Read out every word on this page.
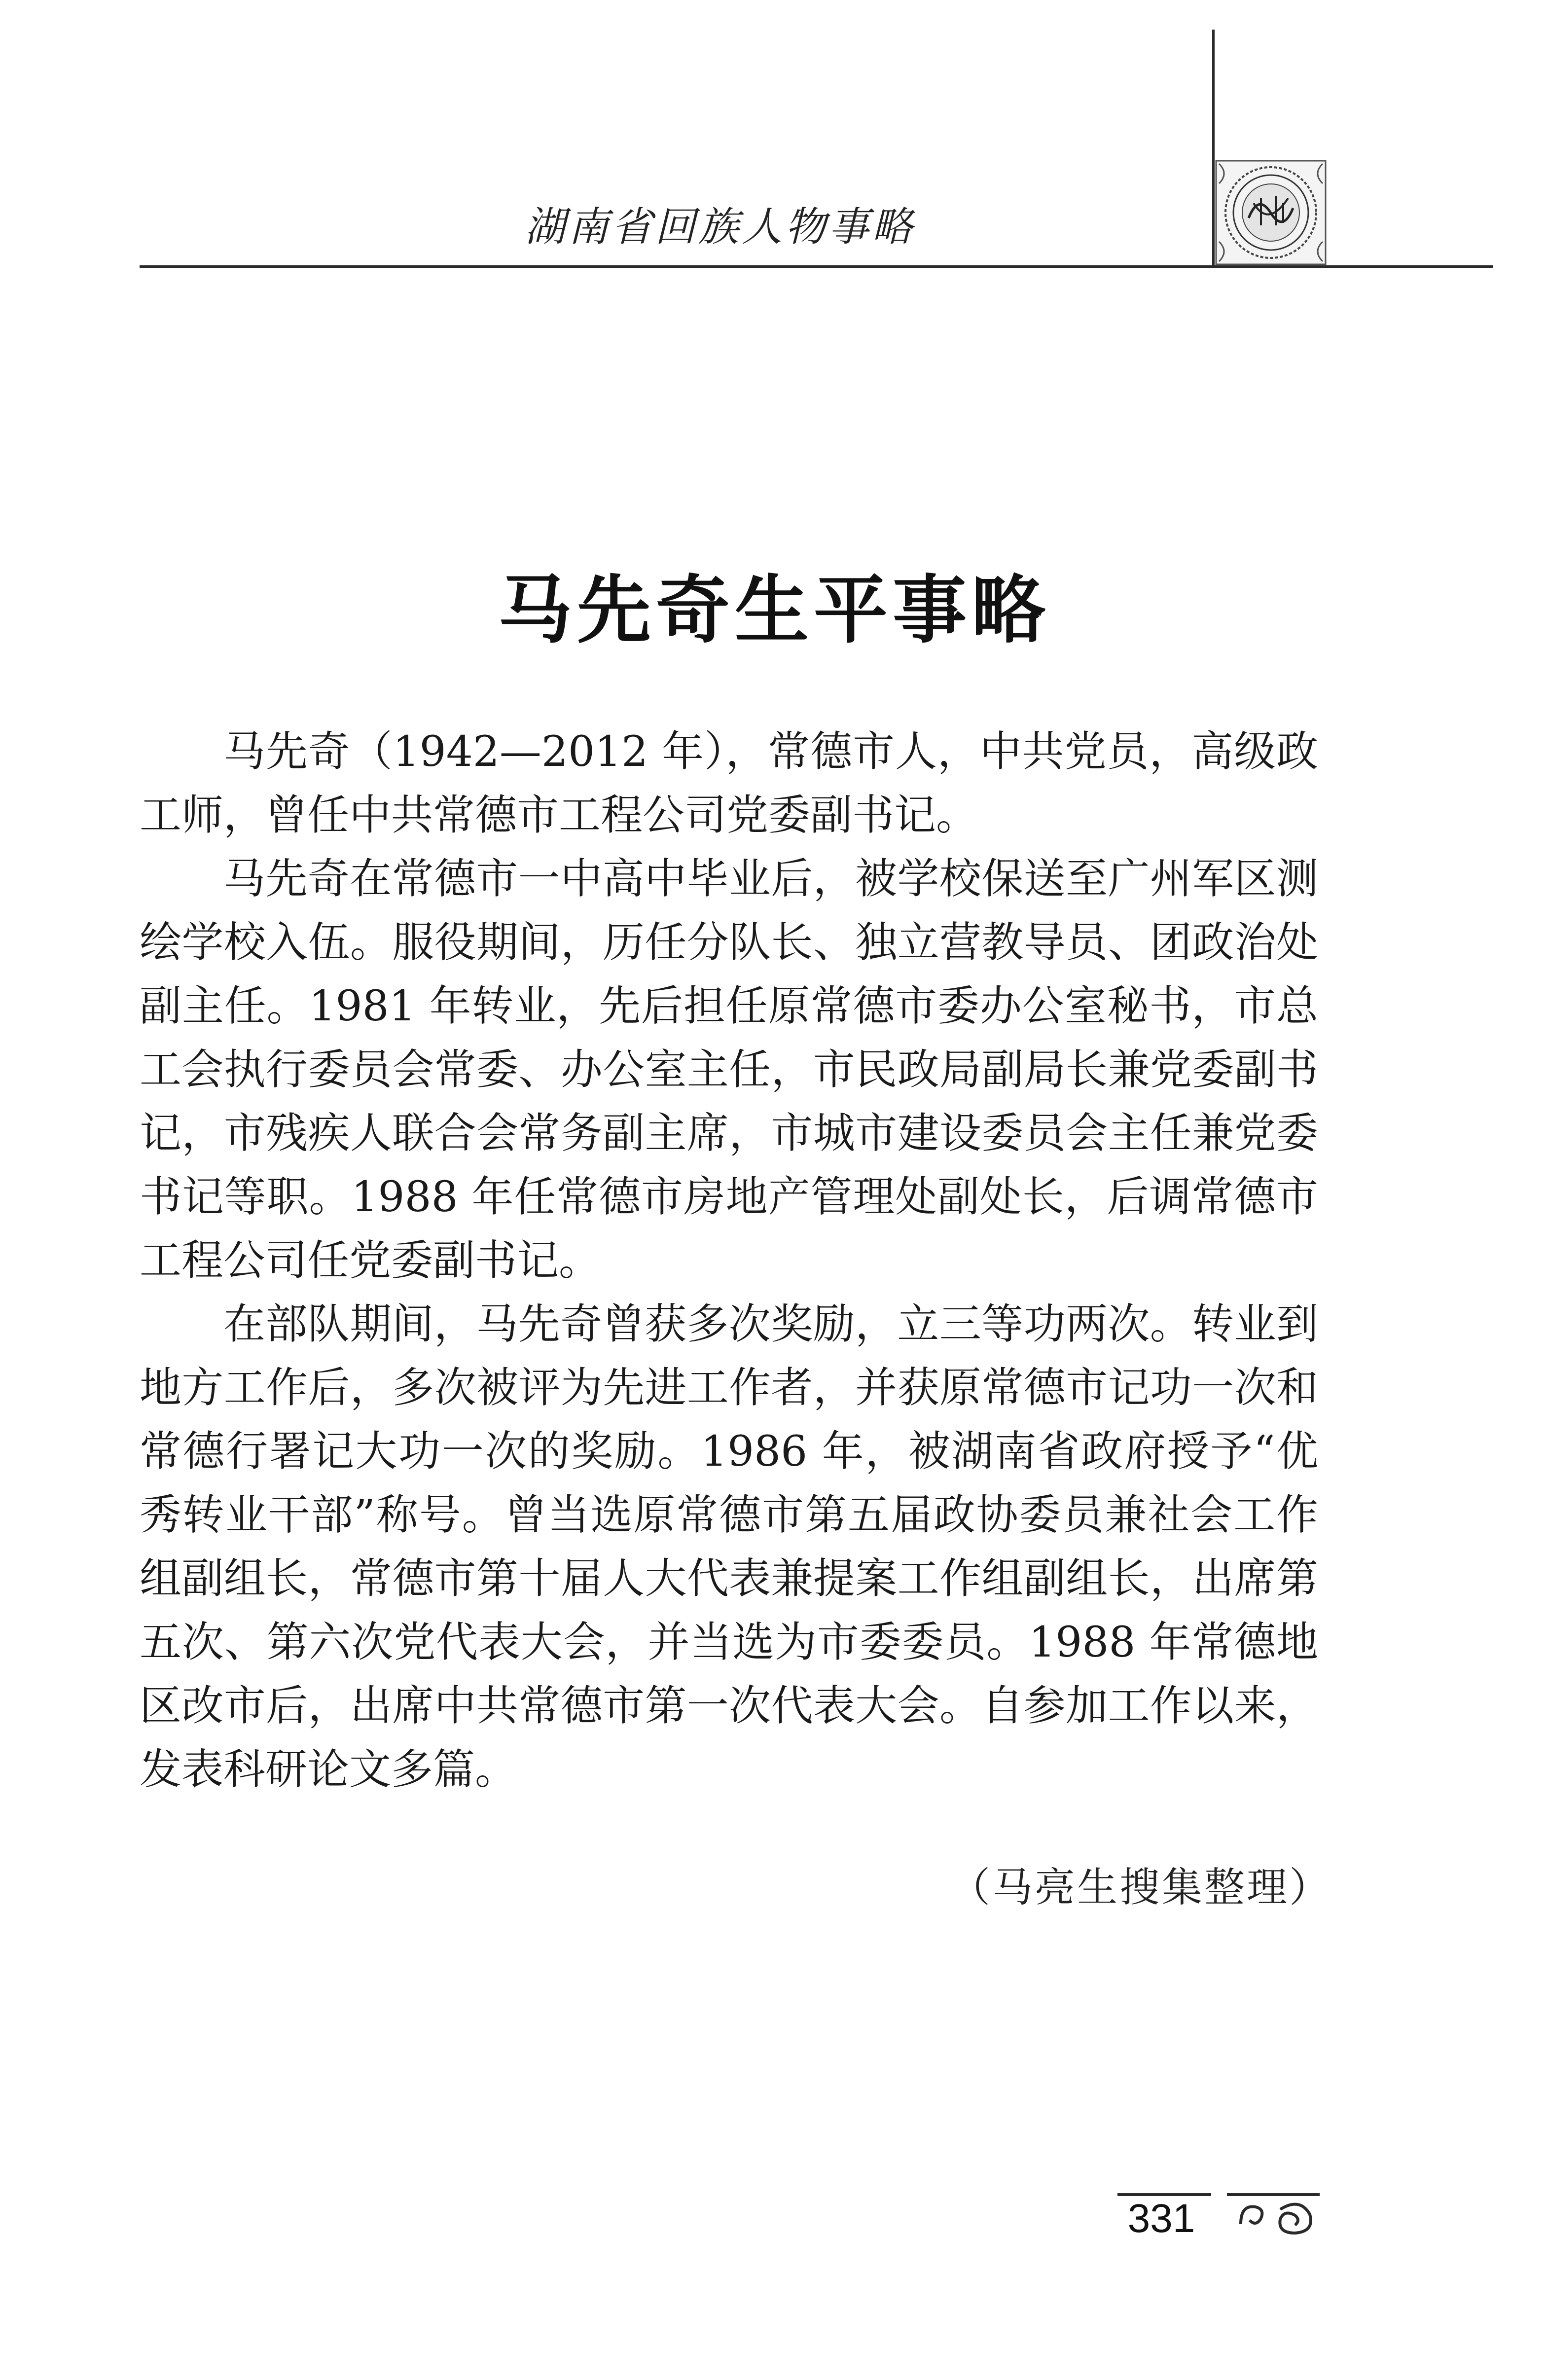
湖南省回族人物事略
马先奇生平事略

马先奇（1942—2012 年），常德市人，中共党员，高级政工师，曾任中共常德市工程公司党委副书记。

马先奇在常德市一中高中毕业后，被学校保送至广州军区测绘学校入伍。服役期间，历任分队长、独立营教导员、团政治处副主任。1981 年转业，先后担任原常德市委办公室秘书，市总工会执行委员会常委、办公室主任，市民政局副局长兼党委副书记，市残疾人联合会常务副主席，市城市建设委员会主任兼党委书记等职。1988 年任常德市房地产管理处副处长，后调常德市工程公司任党委副书记。

在部队期间，马先奇曾获多次奖励，立三等功两次。转业到地方工作后，多次被评为先进工作者，并获原常德市记功一次和常德行署记大功一次的奖励。1986 年，被湖南省政府授予“优秀转业干部”称号。曾当选原常德市第五届政协委员兼社会工作组副组长，常德市第十届人大代表兼提案工作组副组长，出席第五次、第六次党代表大会，并当选为市委委员。1988 年常德地区改市后，出席中共常德市第一次代表大会。自参加工作以来，发表科研论文多篇。

（马亮生搜集整理）
331
